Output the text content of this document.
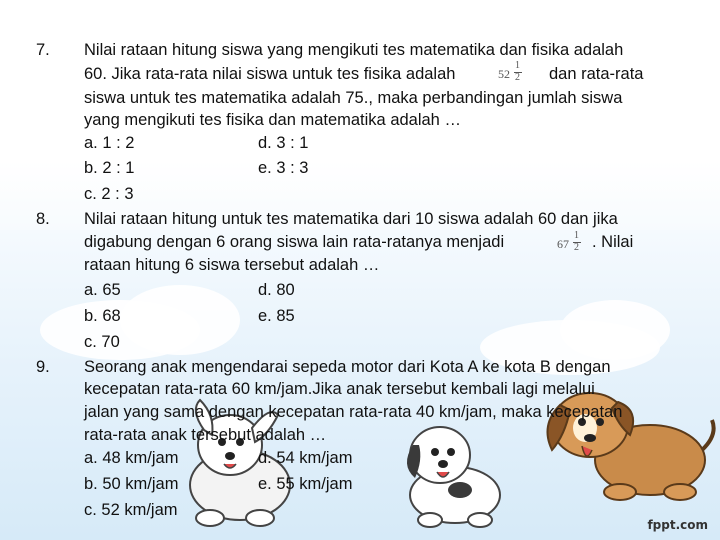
7.	Nilai rataan hitung siswa yang mengikuti tes matematika dan fisika adalah
60. Jika rata-rata nilai siswa untuk tes fisika adalah	52
1
2 dan rata-rata
siswa untuk tes matematika adalah 75., maka perbandingan jumlah siswa
yang mengikuti tes fisika dan matematika adalah …
a. 1 : 2	d. 3 : 1
b. 2 : 1	e. 3 : 3
c. 2 : 3
8.	Nilai rataan hitung untuk tes matematika dari 10 siswa adalah 60 dan jika
digabung dengan 6 orang siswa lain rata-ratanya menjadi	67
1
2 . Nilai
rataan hitung 6 siswa tersebut adalah …
a. 65	d. 80
b. 68	e. 85
c. 70
9.	Seorang anak mengendarai sepeda motor dari Kota A ke kota B dengan
kecepatan rata-rata 60 km/jam.Jika anak tersebut kembali lagi melalui
jalan yang sama dengan kecepatan rata-rata 40 km/jam, maka kecepatan
rata-rata anak tersebut adalah …
a. 48 km/jam	d. 54 km/jam
b. 50 km/jam	e. 55 km/jam
c. 52 km/jam
fppt.com
